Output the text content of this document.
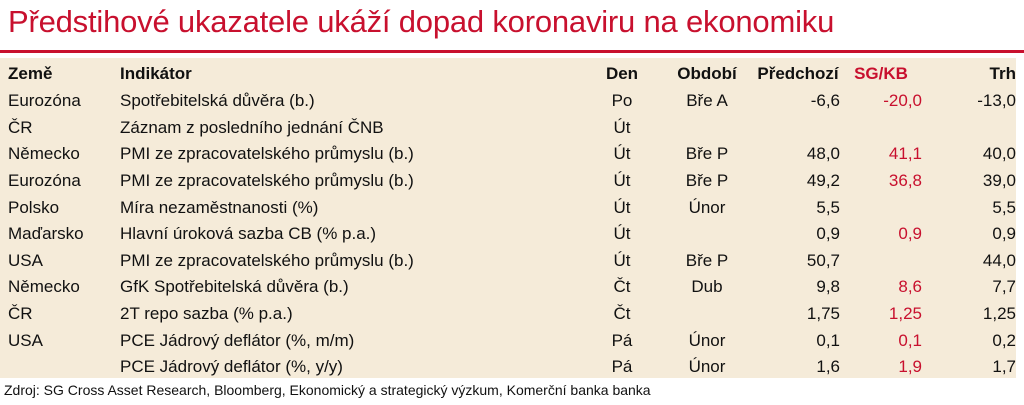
Předstihové ukazatele ukáží dopad koronaviru na ekonomiku
Země	Indikátor	Den	Období	Předchozí	SG/KB	Trh
Eurozóna	Spotřebitelská důvěra (b.)	Po	Bře A	-6,6	-20,0	-13,0
ČR	Záznam z posledního jednání ČNB	Út				
Německo	PMI ze zpracovatelského průmyslu (b.)	Út	Bře P	48,0	41,1	40,0
Eurozóna	PMI ze zpracovatelského průmyslu (b.)	Út	Bře P	49,2	36,8	39,0
Polsko	Míra nezaměstnanosti (%)	Út	Únor	5,5		5,5
Maďarsko	Hlavní úroková sazba CB (% p.a.)	Út		0,9	0,9	0,9
USA	PMI ze zpracovatelského průmyslu (b.)	Út	Bře P	50,7		44,0
Německo	GfK Spotřebitelská důvěra (b.)	Čt	Dub	9,8	8,6	7,7
ČR	2T repo sazba (% p.a.)	Čt		1,75	1,25	1,25
USA	PCE Jádrový deflátor (%, m/m)	Pá	Únor	0,1	0,1	0,2
	PCE Jádrový deflátor (%, y/y)	Pá	Únor	1,6	1,9	1,7
Zdroj: SG Cross Asset Research, Bloomberg, Ekonomický a strategický výzkum, Komerční banka banka
